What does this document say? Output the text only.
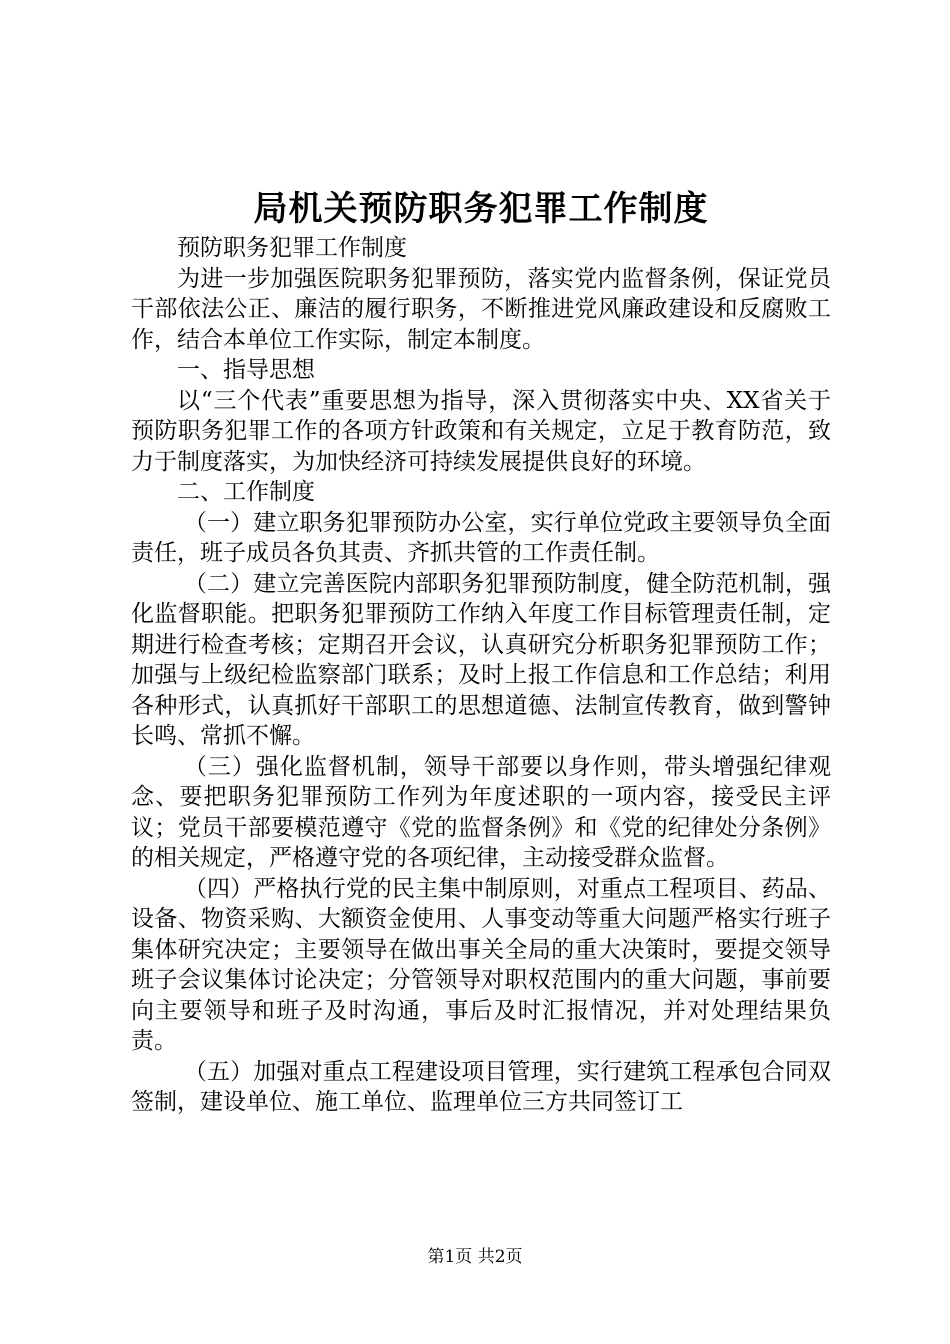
局机关预防职务犯罪工作制度

预防职务犯罪工作制度

为进一步加强医院职务犯罪预防，落实党内监督条例，保证党员干部依法公正、廉洁的履行职务，不断推进党风廉政建设和反腐败工作，结合本单位工作实际，制定本制度。

一、指导思想

以“三个代表”重要思想为指导，深入贯彻落实中央、XX省关于预防职务犯罪工作的各项方针政策和有关规定，立足于教育防范，致力于制度落实，为加快经济可持续发展提供良好的环境。

二、工作制度

（一）建立职务犯罪预防办公室，实行单位党政主要领导负全面责任，班子成员各负其责、齐抓共管的工作责任制。

（二）建立完善医院内部职务犯罪预防制度，健全防范机制，强化监督职能。把职务犯罪预防工作纳入年度工作目标管理责任制，定期进行检查考核；定期召开会议，认真研究分析职务犯罪预防工作；加强与上级纪检监察部门联系；及时上报工作信息和工作总结；利用各种形式，认真抓好干部职工的思想道德、法制宣传教育，做到警钟长鸣、常抓不懈。

（三）强化监督机制，领导干部要以身作则，带头增强纪律观念、要把职务犯罪预防工作列为年度述职的一项内容，接受民主评议；党员干部要模范遵守《党的监督条例》和《党的纪律处分条例》的相关规定，严格遵守党的各项纪律，主动接受群众监督。

（四）严格执行党的民主集中制原则，对重点工程项目、药品、设备、物资采购、大额资金使用、人事变动等重大问题严格实行班子集体研究决定；主要领导在做出事关全局的重大决策时，要提交领导班子会议集体讨论决定；分管领导对职权范围内的重大问题，事前要向主要领导和班子及时沟通，事后及时汇报情况，并对处理结果负责。

（五）加强对重点工程建设项目管理，实行建筑工程承包合同双签制，建设单位、施工单位、监理单位三方共同签订工

第1页 共2页
